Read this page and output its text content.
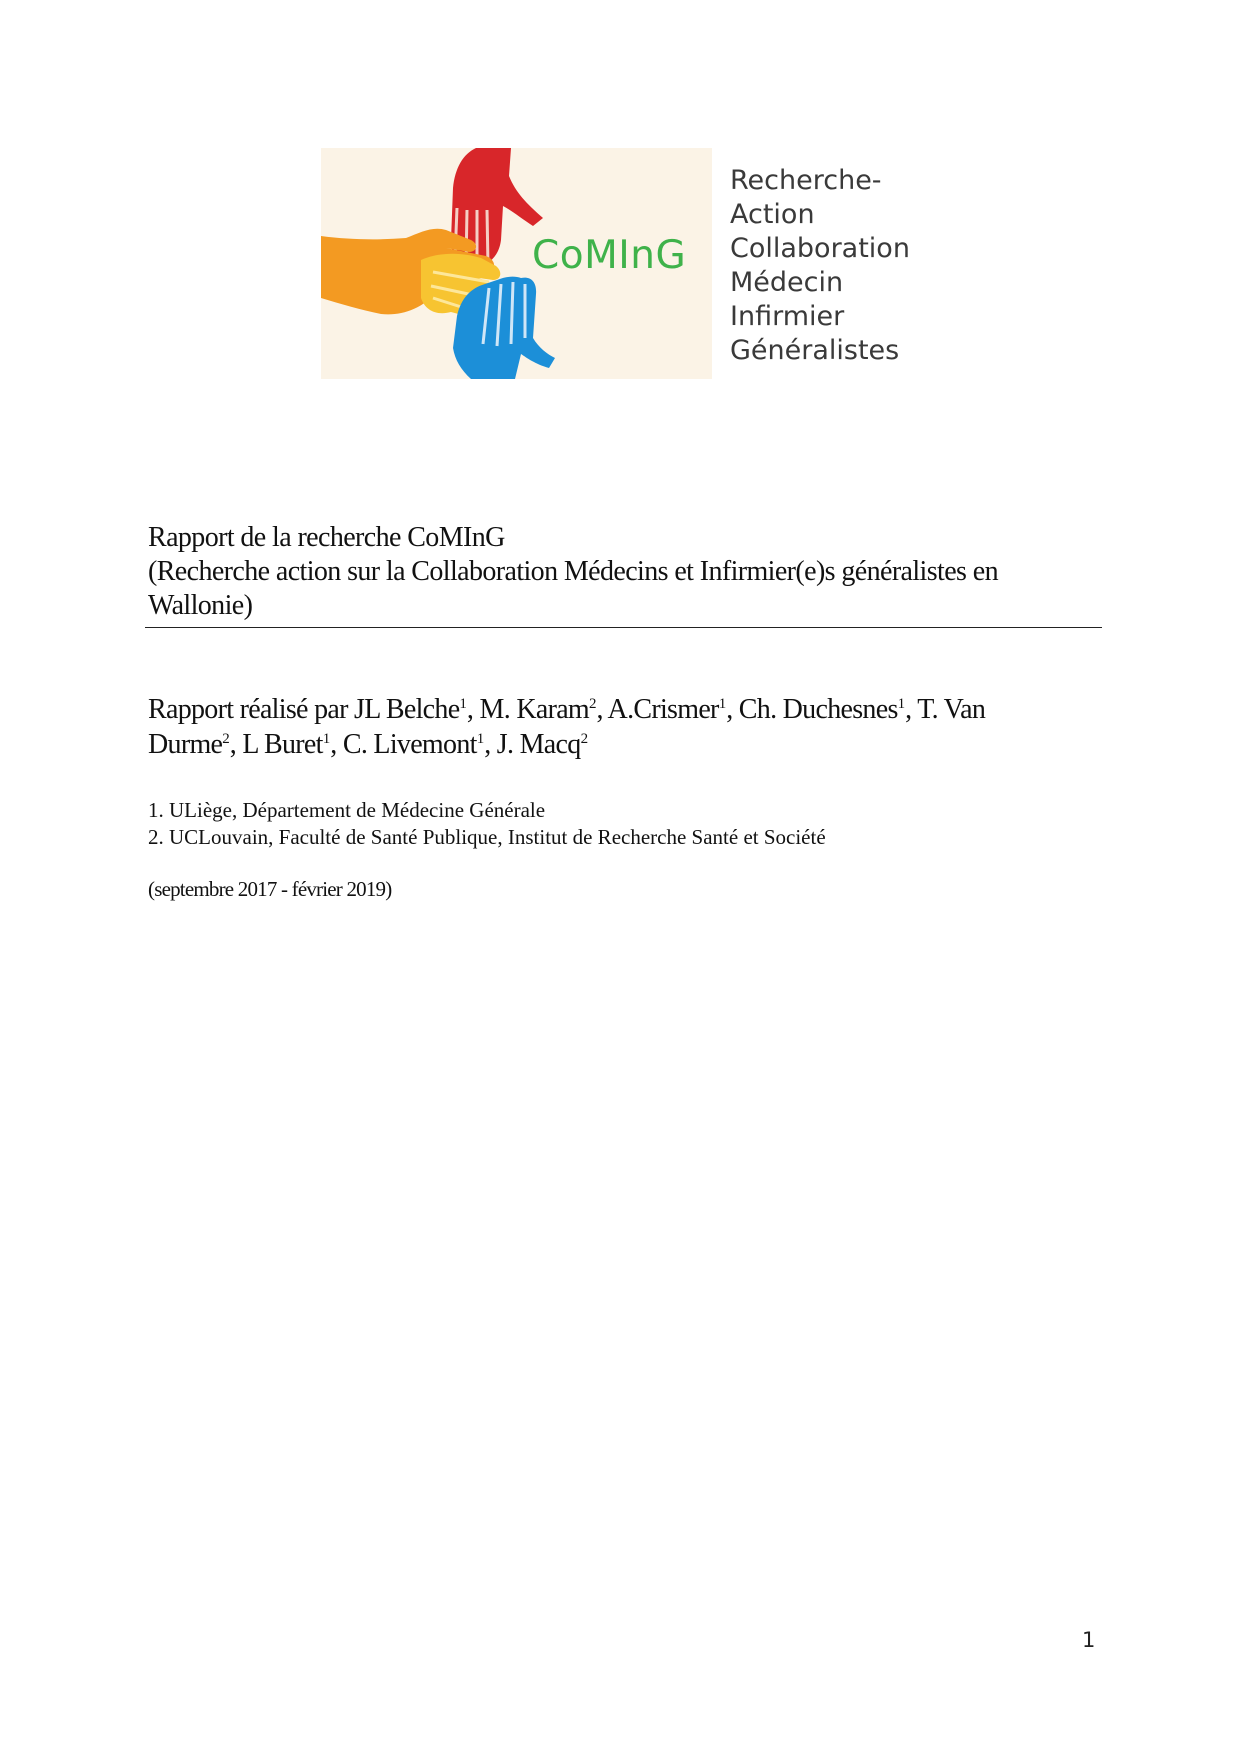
CoMInG
Recherche-
Action
Collaboration
Médecin
Infirmier
Généralistes
Rapport de la recherche CoMInG
(Recherche action sur la Collaboration Médecins et Infirmier(e)s généralistes en
Wallonie)
Rapport réalisé par JL Belche$^1$, M. Karam$^2$, A.Crismer$^1$, Ch. Duchesnes$^1$, T. Van
Durme$^2$, L Buret$^1$, C. Livemont$^1$, J. Macq$^2$
1. ULiège, Département de Médecine Générale
2. UCLouvain, Faculté de Santé Publique, Institut de Recherche Santé et Société
(septembre 2017 - février 2019)
1
